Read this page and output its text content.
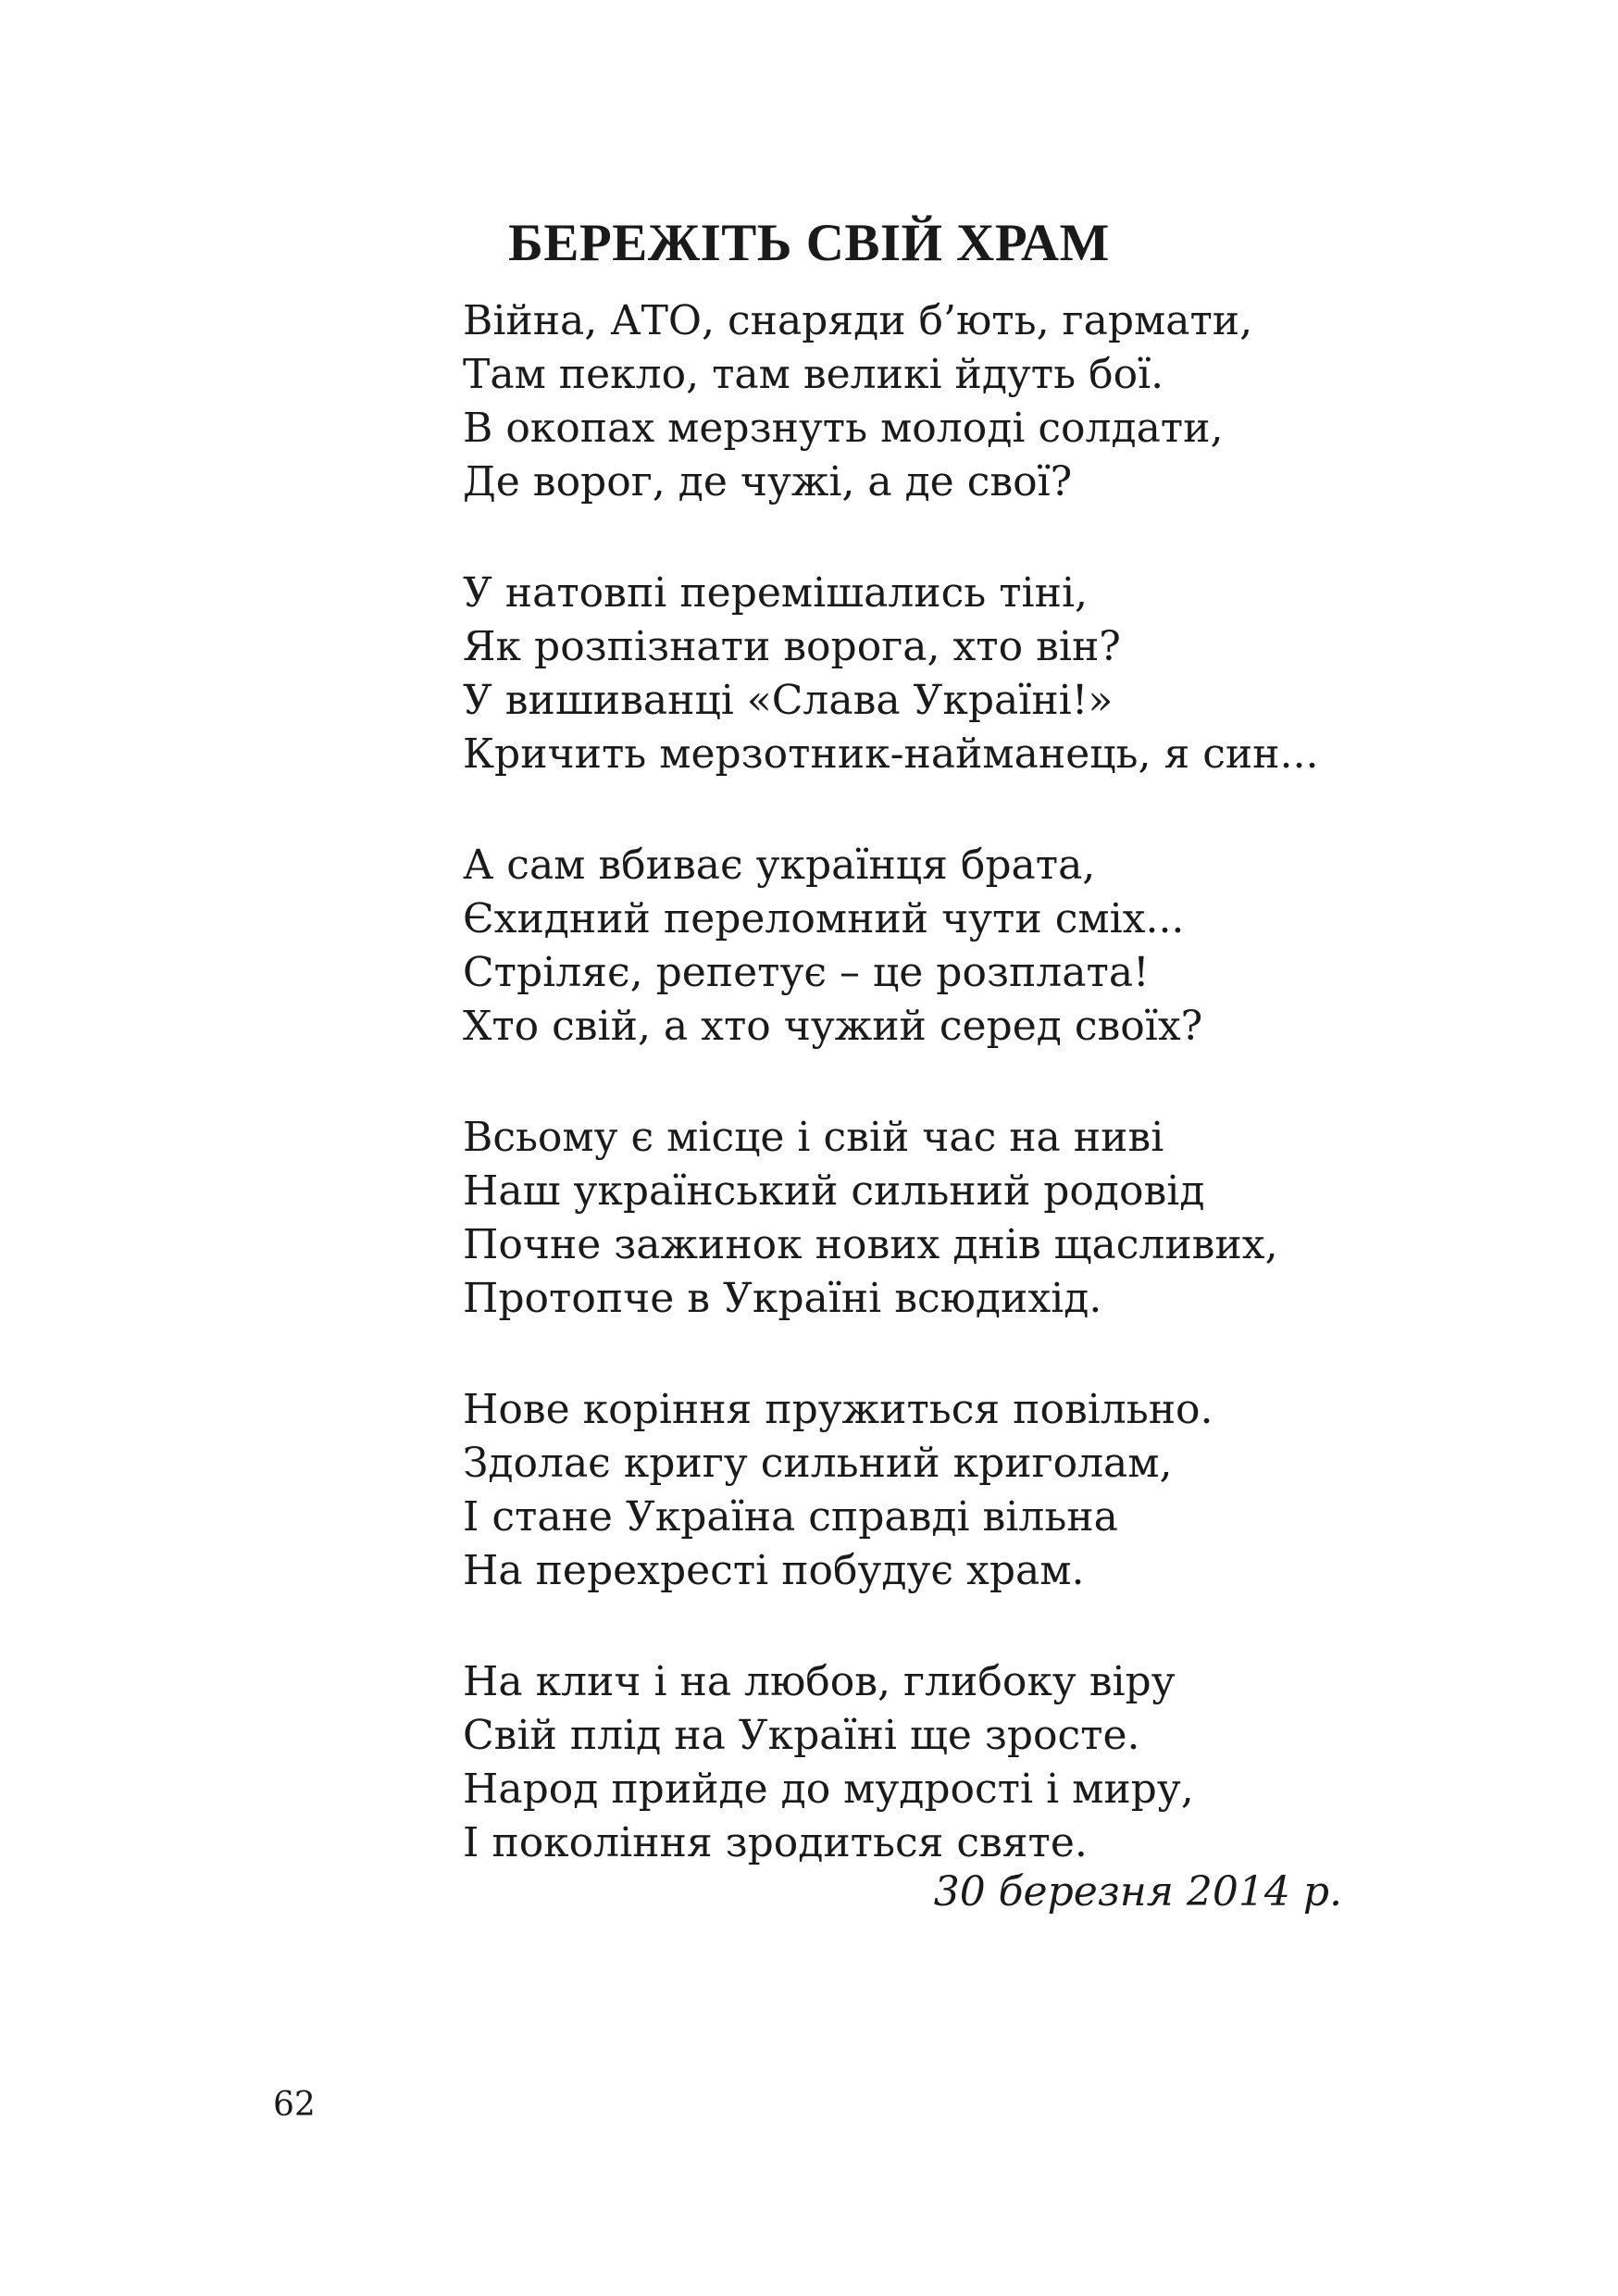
БЕРЕЖІТЬ СВІЙ ХРАМ
Війна, АТО, снаряди б’ють, гармати,
Там пекло, там великі йдуть бої.
В окопах мерзнуть молоді солдати,
Де ворог, де чужі, а де свої?
У натовпі перемішались тіні,
Як розпізнати ворога, хто він?
У вишиванці «Слава Україні!»
Кричить мерзотник-найманець, я син...
А сам вбиває українця брата,
Єхидний переломний чути сміх...
Стріляє, репетує – це розплата!
Хто свій, а хто чужий серед своїх?
Всьому є місце і свій час на ниві
Наш український сильний родовід
Почне зажинок нових днів щасливих,
Протопче в Україні всюдихід.
Нове коріння пружиться повільно.
Здолає кригу сильний криголам,
І стане Україна справді вільна
На перехресті побудує храм.
На клич і на любов, глибоку віру
Свій плід на Україні ще зросте.
Народ прийде до мудрості і миру,
І покоління зродиться святе.
30 березня 2014 р.
62
